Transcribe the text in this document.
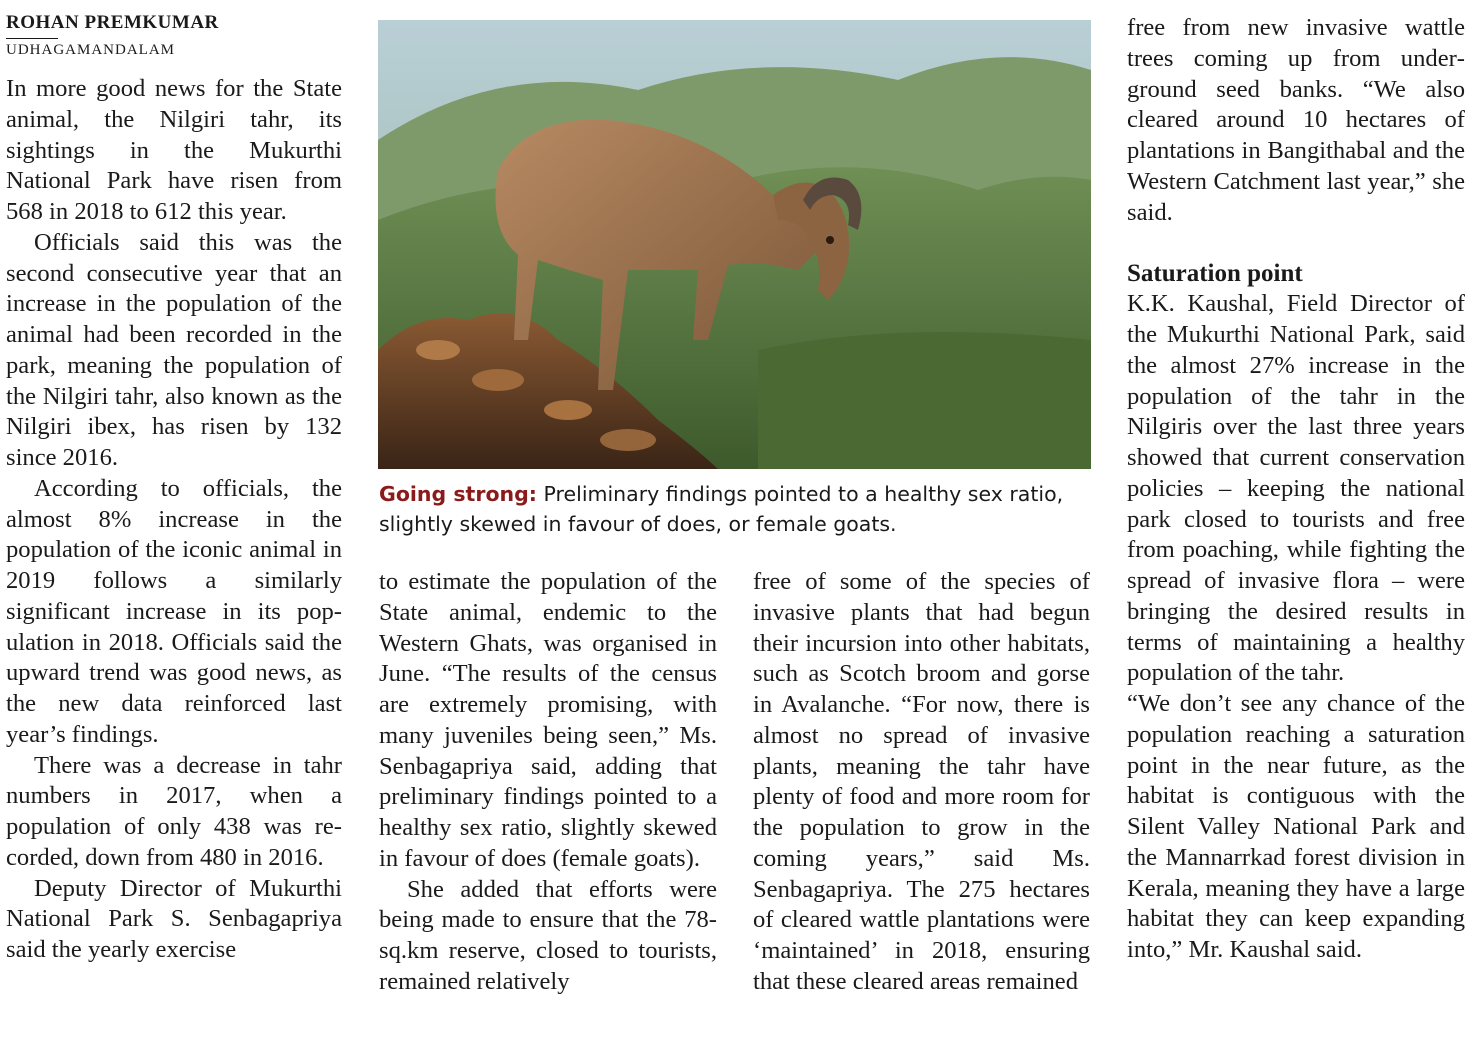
ROHAN PREMKUMAR
UDHAGAMANDALAM

In more good news for the State animal, the Nilgiri tahr, its sightings in the Mukurthi National Park have risen from 568 in 2018 to 612 this year.

Officials said this was the second consecutive year that an increase in the population of the animal had been recorded in the park, meaning the population of the Nilgiri tahr, also known as the Nilgiri ibex, has risen by 132 since 2016.

According to officials, the almost 8% increase in the population of the iconic animal in 2019 follows a similarly significant increase in its population in 2018. Officials said the upward trend was good news, as the new data reinforced last year’s findings.

There was a decrease in tahr numbers in 2017, when a population of only 438 was recorded, down from 480 in 2016.

Deputy Director of Mukurthi National Park S. Senbagapriya said the yearly exercise

Going strong: Preliminary findings pointed to a healthy sex ratio, slightly skewed in favour of does, or female goats.

to estimate the population of the State animal, endemic to the Western Ghats, was organised in June. “The results of the census are extremely promising, with many juveniles being seen,” Ms. Senbagapriya said, adding that preliminary findings pointed to a healthy sex ratio, slightly skewed in favour of does (female goats).

She added that efforts were being made to ensure that the 78-sq.km reserve, closed to tourists, remained relatively

free of some of the species of invasive plants that had begun their incursion into other habitats, such as Scotch broom and gorse in Avalanche. “For now, there is almost no spread of invasive plants, meaning the tahr have plenty of food and more room for the population to grow in the coming years,” said Ms. Senbagapriya. The 275 hectares of cleared wattle plantations were ‘maintained’ in 2018, ensuring that these cleared areas remained

free from new invasive wattle trees coming up from underground seed banks. “We also cleared around 10 hectares of plantations in Bangithabal and the Western Catchment last year,” she said.

Saturation point

K.K. Kaushal, Field Director of the Mukurthi National Park, said the almost 27% increase in the population of the tahr in the Nilgiris over the last three years showed that current conservation policies – keeping the national park closed to tourists and free from poaching, while fighting the spread of invasive flora – were bringing the desired results in terms of maintaining a healthy population of the tahr.

“We don’t see any chance of the population reaching a saturation point in the near future, as the habitat is contiguous with the Silent Valley National Park and the Mannarrkad forest division in Kerala, meaning they have a large habitat they can keep expanding into,” Mr. Kaushal said.
